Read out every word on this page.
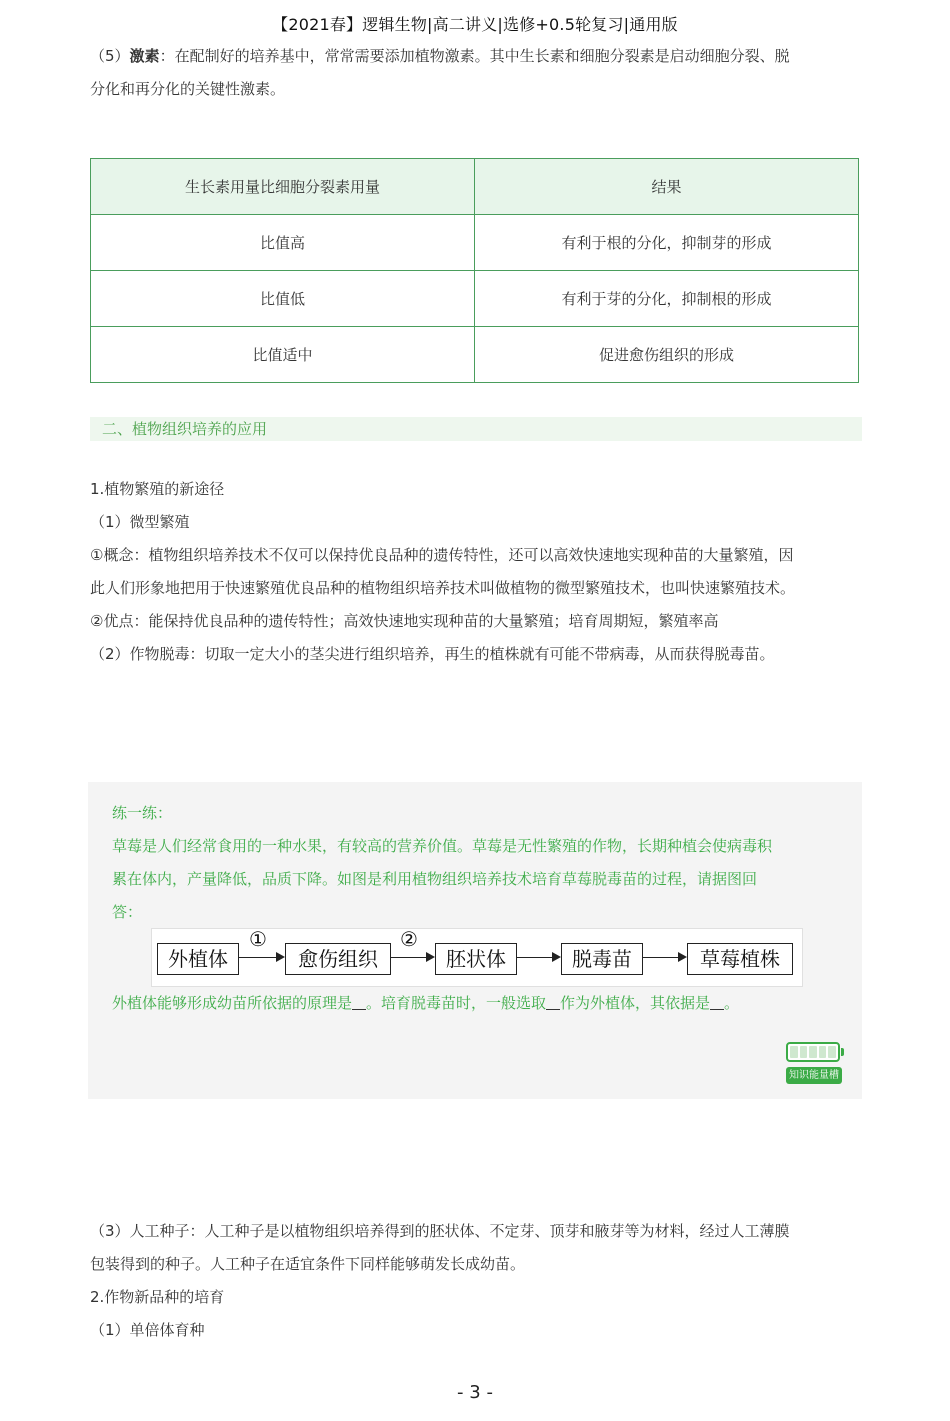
【2021春】逻辑生物|高二讲义|选修+0.5轮复习|通用版
（5）激素：在配制好的培养基中，常常需要添加植物激素。其中生长素和细胞分裂素是启动细胞分裂、脱
分化和再分化的关键性激素。
生长素用量比细胞分裂素用量	结果
比值高	有利于根的分化，抑制芽的形成
比值低	有利于芽的分化，抑制根的形成
比值适中	促进愈伤组织的形成
二、植物组织培养的应用
1.植物繁殖的新途径
（1）微型繁殖
①概念：植物组织培养技术不仅可以保持优良品种的遗传特性，还可以高效快速地实现种苗的大量繁殖，因
此人们形象地把用于快速繁殖优良品种的植物组织培养技术叫做植物的微型繁殖技术，也叫快速繁殖技术。
②优点：能保持优良品种的遗传特性；高效快速地实现种苗的大量繁殖；培育周期短，繁殖率高
（2）作物脱毒：切取一定大小的茎尖进行组织培养，再生的植株就有可能不带病毒，从而获得脱毒苗。
练一练：
草莓是人们经常食用的一种水果，有较高的营养价值。草莓是无性繁殖的作物，长期种植会使病毒积
累在体内，产量降低，品质下降。如图是利用植物组织培养技术培育草莓脱毒苗的过程，请据图回
答：
外植体
①
愈伤组织
②
胚状体	脱毒苗	草莓植株
外植体能够形成幼苗所依据的原理是 。培育脱毒苗时，一般选取 作为外植体，其依据是 。
知识能量槽
（3）人工种子：人工种子是以植物组织培养得到的胚状体、不定芽、顶芽和腋芽等为材料，经过人工薄膜
包装得到的种子。人工种子在适宜条件下同样能够萌发长成幼苗。
2.作物新品种的培育
（1）单倍体育种
- 3 -
